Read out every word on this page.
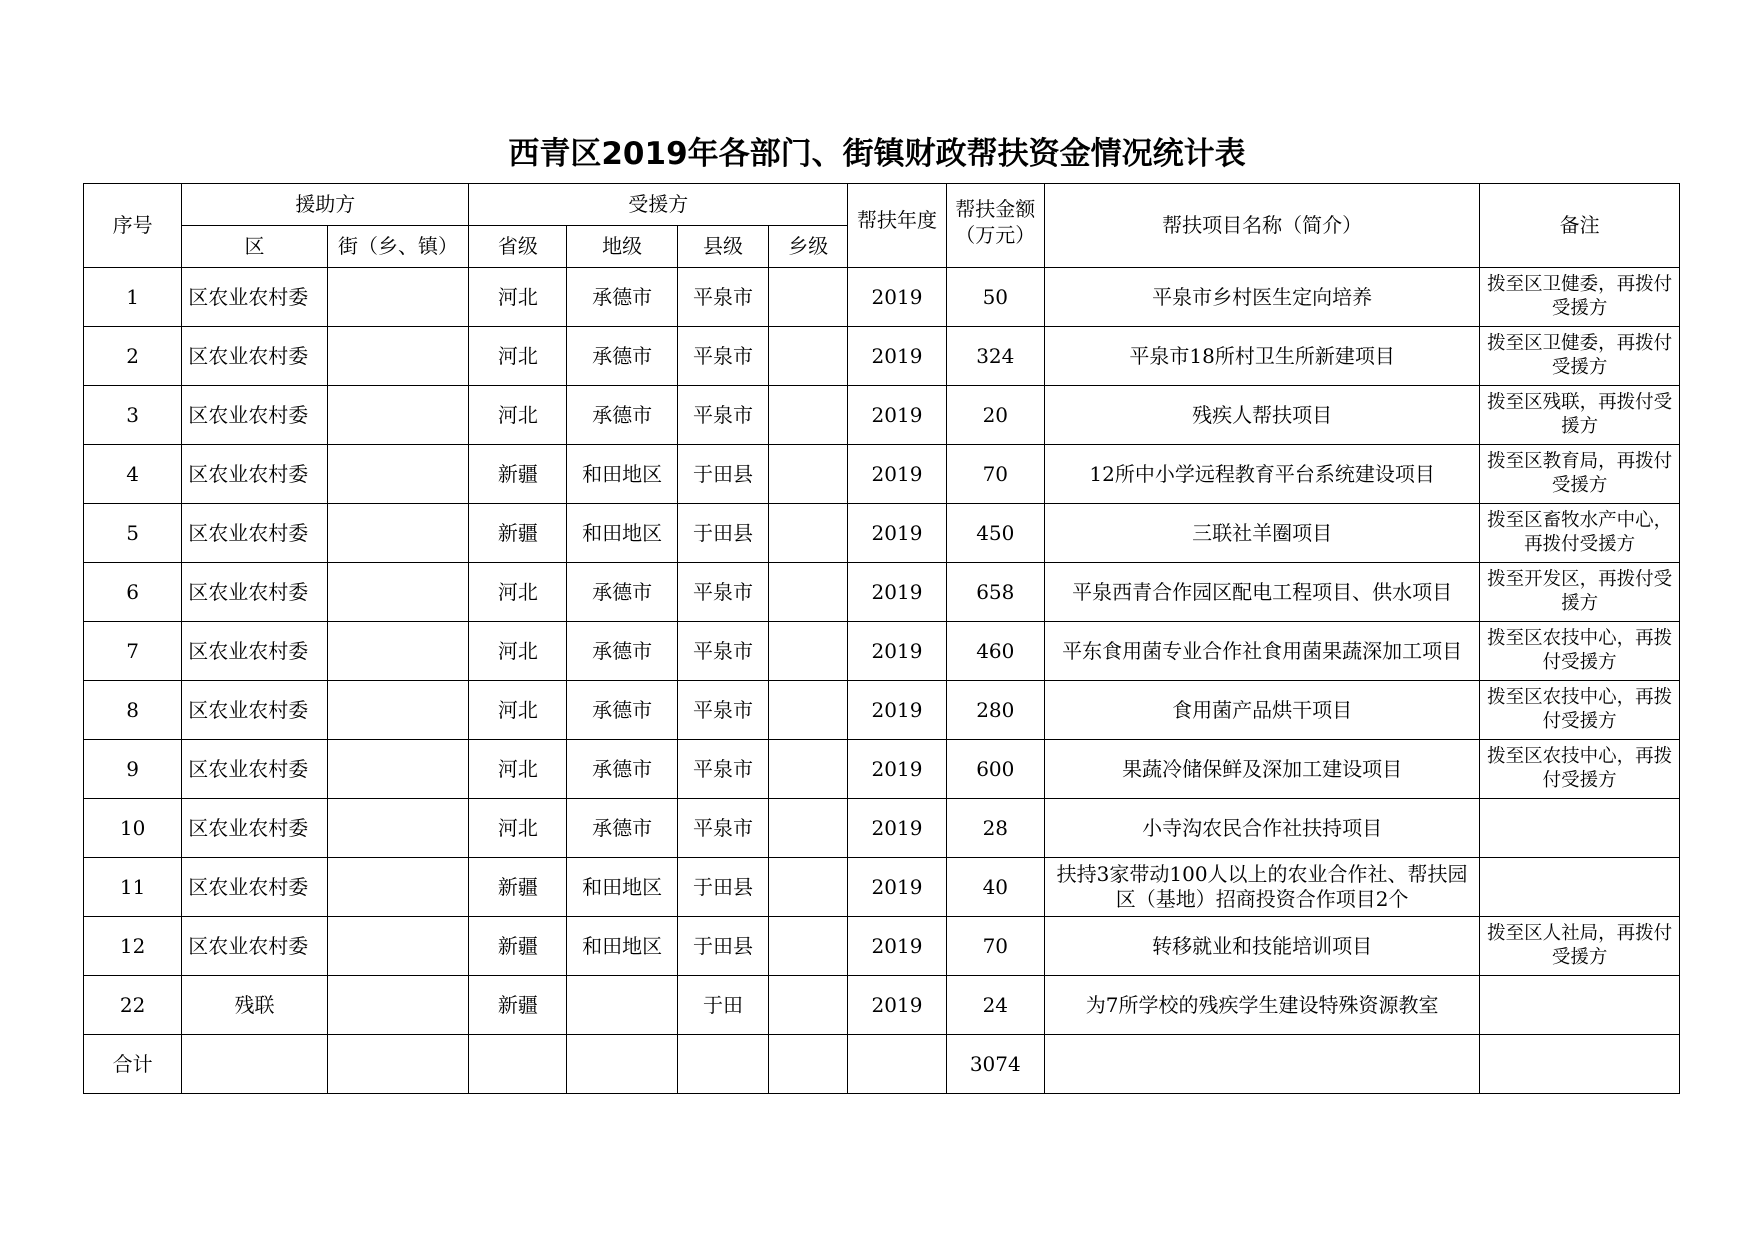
西青区2019年各部门、街镇财政帮扶资金情况统计表
序号	援助方		受援方				帮扶年度	帮扶金额（万元）	帮扶项目名称（简介）	备注
	区	街（乡、镇）	省级	地级	县级	乡级				
1	区农业农村委		河北	承德市	平泉市		2019	50	平泉市乡村医生定向培养	拨至区卫健委，再拨付受援方
2	区农业农村委		河北	承德市	平泉市		2019	324	平泉市18所村卫生所新建项目	拨至区卫健委，再拨付受援方
3	区农业农村委		河北	承德市	平泉市		2019	20	残疾人帮扶项目	拨至区残联，再拨付受援方
4	区农业农村委		新疆	和田地区	于田县		2019	70	12所中小学远程教育平台系统建设项目	拨至区教育局，再拨付受援方
5	区农业农村委		新疆	和田地区	于田县		2019	450	三联社羊圈项目	拨至区畜牧水产中心，再拨付受援方
6	区农业农村委		河北	承德市	平泉市		2019	658	平泉西青合作园区配电工程项目、供水项目	拨至开发区，再拨付受援方
7	区农业农村委		河北	承德市	平泉市		2019	460	平东食用菌专业合作社食用菌果蔬深加工项目	拨至区农技中心，再拨付受援方
8	区农业农村委		河北	承德市	平泉市		2019	280	食用菌产品烘干项目	拨至区农技中心，再拨付受援方
9	区农业农村委		河北	承德市	平泉市		2019	600	果蔬冷储保鲜及深加工建设项目	拨至区农技中心，再拨付受援方
10	区农业农村委		河北	承德市	平泉市		2019	28	小寺沟农民合作社扶持项目	
11	区农业农村委		新疆	和田地区	于田县		2019	40	扶持3家带动100人以上的农业合作社、帮扶园区（基地）招商投资合作项目2个	
12	区农业农村委		新疆	和田地区	于田县		2019	70	转移就业和技能培训项目	拨至区人社局，再拨付受援方
22	残联		新疆		于田		2019	24	为7所学校的残疾学生建设特殊资源教室	
合计								3074		
